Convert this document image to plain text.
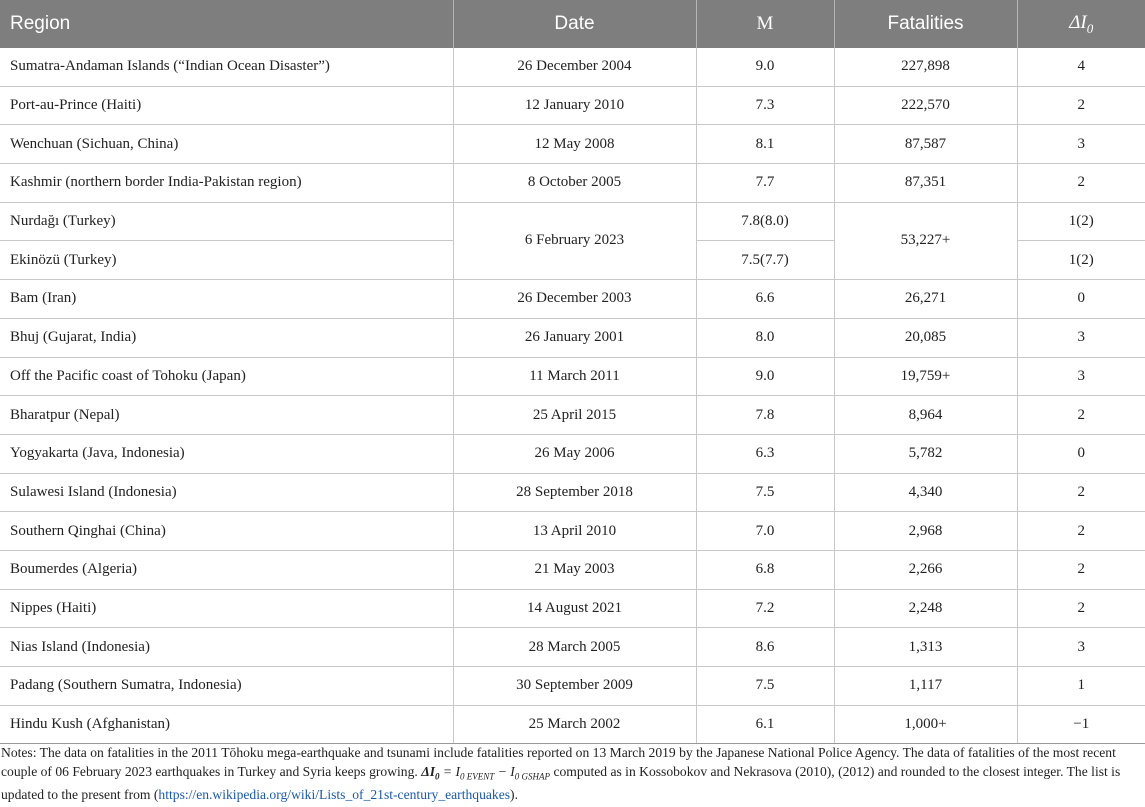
Region	Date	M	Fatalities	$\Delta I_0$
Sumatra-Andaman Islands (“Indian Ocean Disaster”)	26 December 2004	9.0	227,898	4
Port-au-Prince (Haiti)	12 January 2010	7.3	222,570	2
Wenchuan (Sichuan, China)	12 May 2008	8.1	87,587	3
Kashmir (northern border India-Pakistan region)	8 October 2005	7.7	87,351	2
Nurdağı (Turkey)	6 February 2023	7.8(8.0)	53,227+	1(2)
Ekinözü (Turkey)		7.5(7.7)		1(2)
Bam (Iran)	26 December 2003	6.6	26,271	0
Bhuj (Gujarat, India)	26 January 2001	8.0	20,085	3
Off the Pacific coast of Tohoku (Japan)	11 March 2011	9.0	19,759+	3
Bharatpur (Nepal)	25 April 2015	7.8	8,964	2
Yogyakarta (Java, Indonesia)	26 May 2006	6.3	5,782	0
Sulawesi Island (Indonesia)	28 September 2018	7.5	4,340	2
Southern Qinghai (China)	13 April 2010	7.0	2,968	2
Boumerdes (Algeria)	21 May 2003	6.8	2,266	2
Nippes (Haiti)	14 August 2021	7.2	2,248	2
Nias Island (Indonesia)	28 March 2005	8.6	1,313	3
Padang (Southern Sumatra, Indonesia)	30 September 2009	7.5	1,117	1
Hindu Kush (Afghanistan)	25 March 2002	6.1	1,000+	−1
Notes: The data on fatalities in the 2011 Tōhoku mega-earthquake and tsunami include fatalities reported on 13 March 2019 by the Japanese National Police Agency. The data of fatalities of the most recent couple of 06 February 2023 earthquakes in Turkey and Syria keeps growing. $\Delta I_0 = I_{0 EVENT} - I_{0 GSHAP}$ computed as in Kossobokov and Nekrasova (2010), (2012) and rounded to the closest integer. The list is updated to the present from (https://en.wikipedia.org/wiki/Lists_of_21st-century_earthquakes).
